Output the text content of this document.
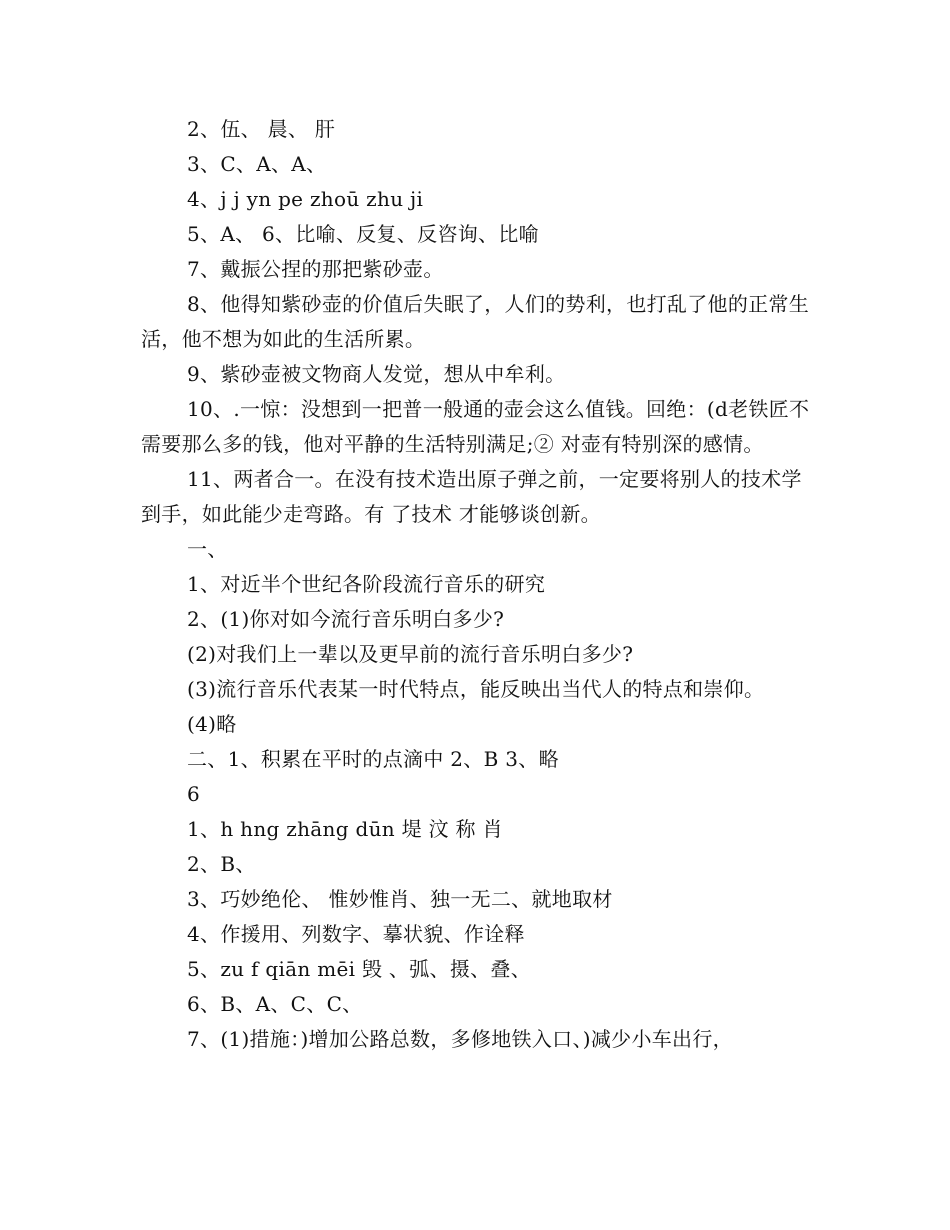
2、伍、 晨、 肝

3、C、A、A、

4、j j yn pe zhoū zhu ji

5、A、 6、比喻、反复、反咨询、比喻

7、戴振公捏的那把紫砂壶。

8、他得知紫砂壶的价值后失眠了，人们的势利，也打乱了他的正常生活，他不想为如此的生活所累。

9、紫砂壶被文物商人发觉，想从中牟利。

10、.一惊：没想到一把普一般通的壶会这么值钱。回绝：(d老铁匠不需要那么多的钱，他对平静的生活特别满足;② 对壶有特别深的感情。

11、两者合一。在没有技术造出原子弹之前，一定要将别人的技术学到手，如此能少走弯路。有 了技术 才能够谈创新。

一、

1、对近半个世纪各阶段流行音乐的研究

2、(1)你对如今流行音乐明白多少?

(2)对我们上一辈以及更早前的流行音乐明白多少?

(3)流行音乐代表某一时代特点，能反映出当代人的特点和崇仰。

(4)略

二、1、积累在平时的点滴中 2、B 3、略

6

1、h hng zhāng dūn 堤 汶 称 肖

2、B、

3、巧妙绝伦、 惟妙惟肖、独一无二、就地取材

4、作援用、列数字、摹状貌、作诠释

5、zu f qiān mēi 毁 、弧、摄、叠、

6、B、A、C、C、

7、(1)措施：)增加公路总数，多修地铁入口、)减少小车出行，
